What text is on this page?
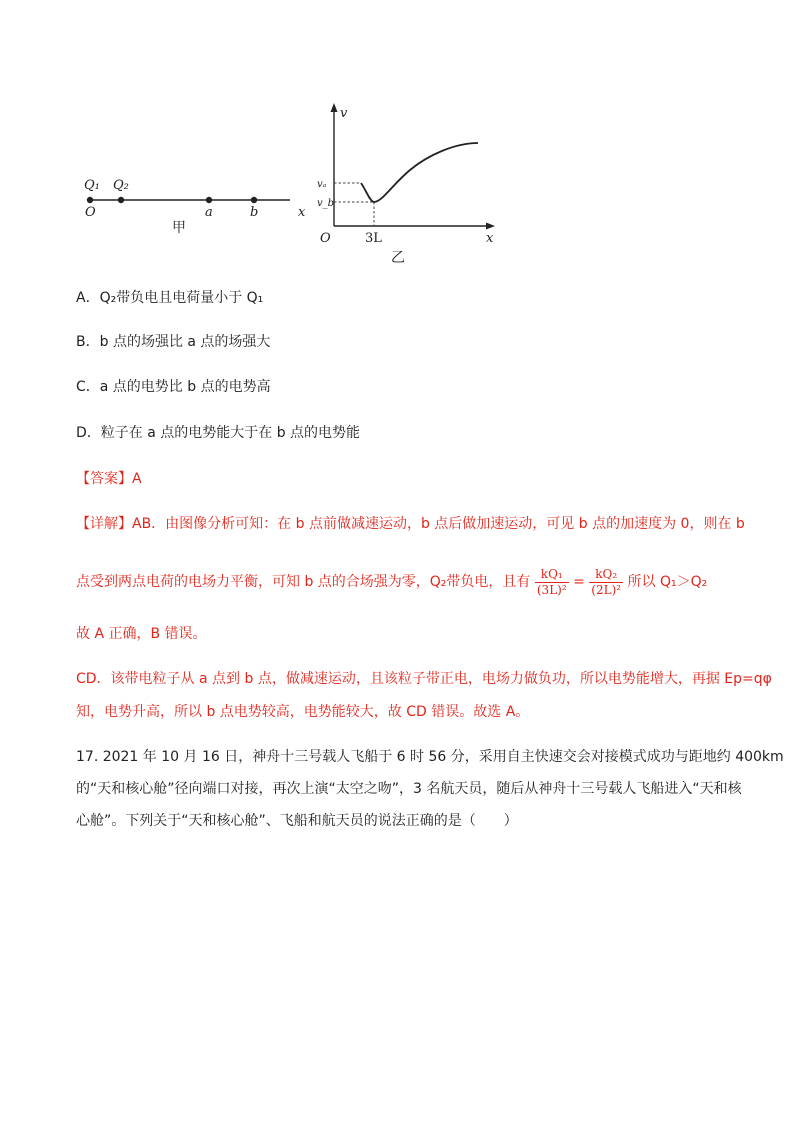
Q₁ Q₂
O	a	b	x
甲
v
vₐ
v_b
O	3L	x
乙
A．Q₂带负电且电荷量小于 Q₁
B．b 点的场强比 a 点的场强大
C．a 点的电势比 b 点的电势高
D．粒子在 a 点的电势能大于在 b 点的电势能
【答案】A
【详解】AB．由图像分析可知：在 b 点前做减速运动，b 点后做加速运动，可见 b 点的加速度为 0，则在 b
点受到两点电荷的电场力平衡，可知 b 点的合场强为零，Q₂带负电，且有 $\frac{\text{kQ₁}}{\text{(3L)²}} = \frac{\text{kQ₂}}{\text{(2L)²}}$ 所以 Q₁＞Q₂
故 A 正确，B 错误。
CD．该带电粒子从 a 点到 b 点，做减速运动，且该粒子带正电，电场力做负功，所以电势能增大，再据 Ep=qφ
知，电势升高，所以 b 点电势较高，电势能较大，故 CD 错误。故选 A。
17. 2021 年 10 月 16 日，神舟十三号载人飞船于 6 时 56 分，采用自主快速交会对接模式成功与距地约 400km
的“天和核心舱”径向端口对接，再次上演“太空之吻”，3 名航天员，随后从神舟十三号载人飞船进入“天和核
心舱”。下列关于“天和核心舱”、飞船和航天员的说法正确的是（　　）
